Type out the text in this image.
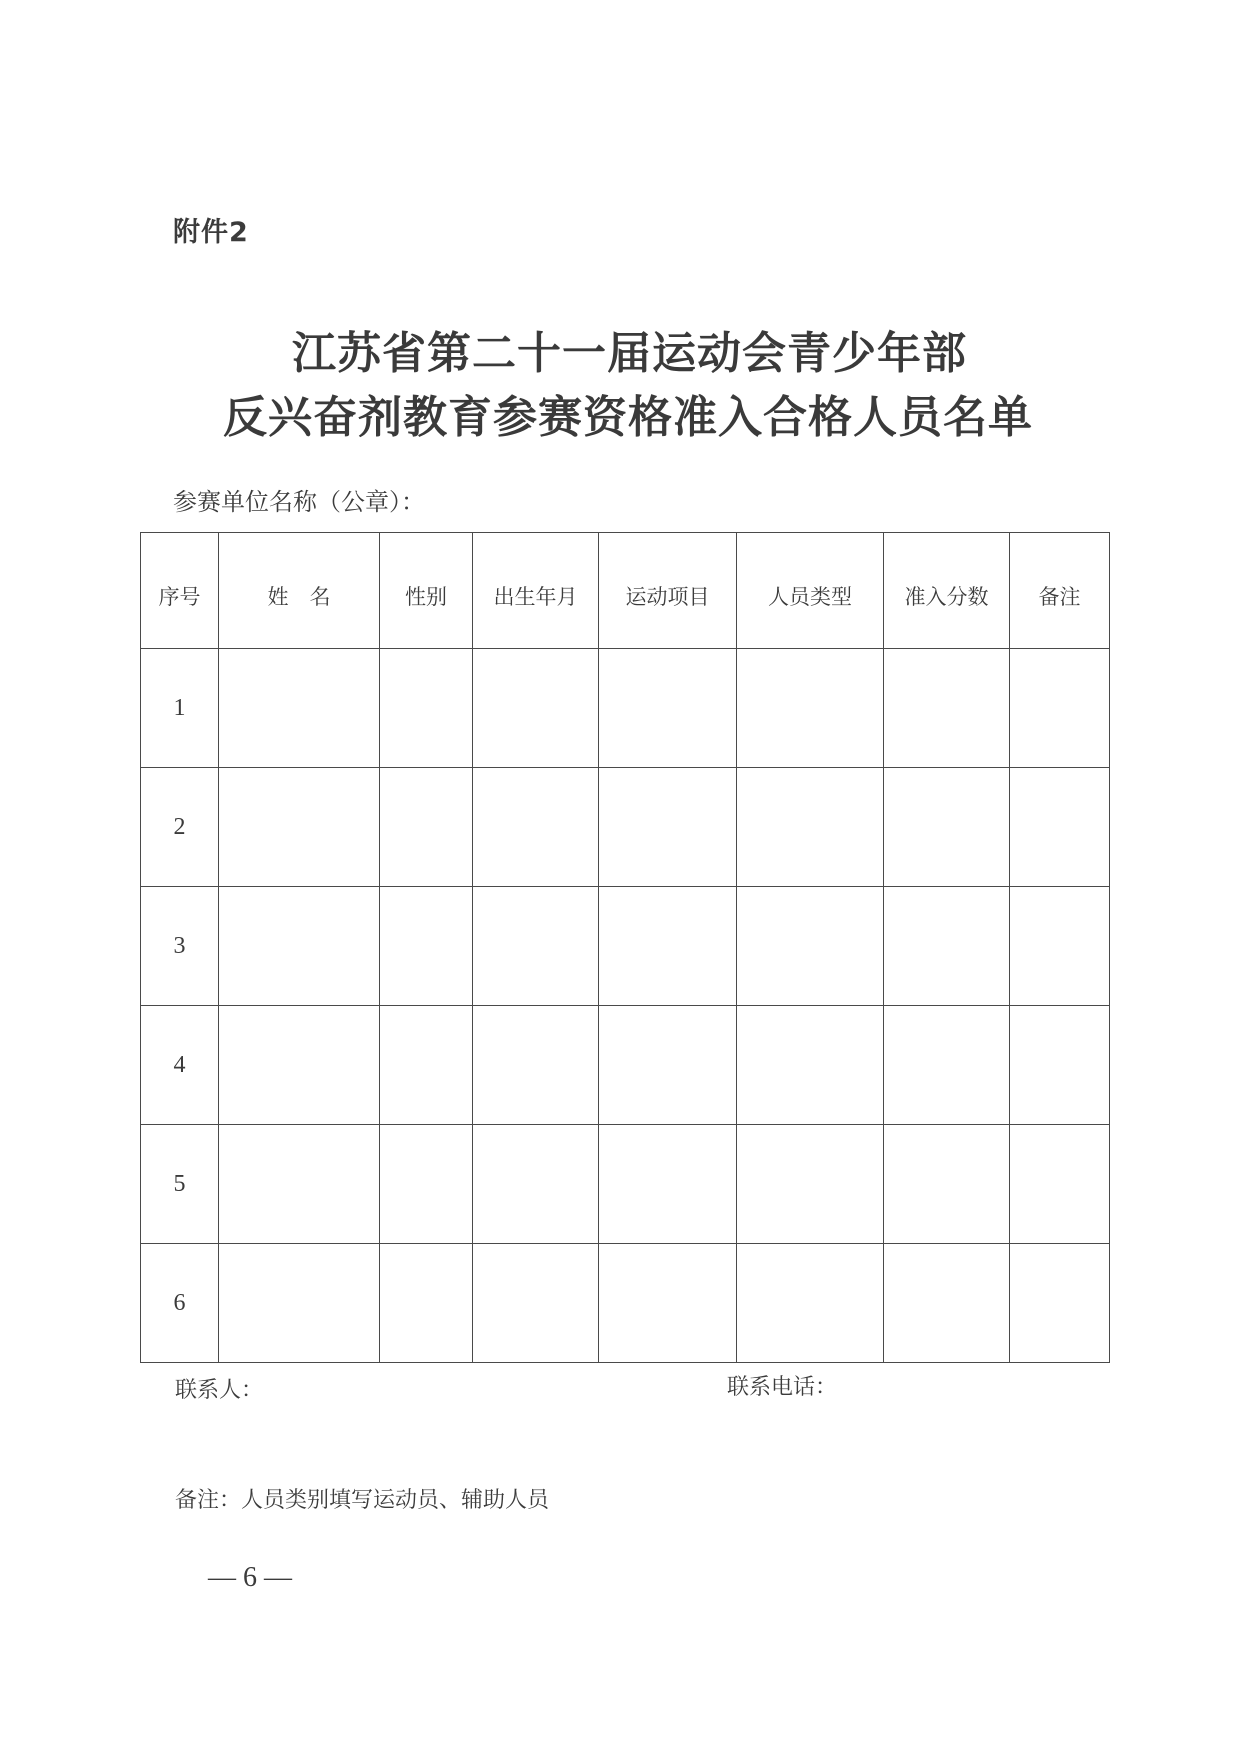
附件2
江苏省第二十一届运动会青少年部
反兴奋剂教育参赛资格准入合格人员名单
参赛单位名称（公章）：
序号	姓　名	性别	出生年月	运动项目	人员类型	准入分数	备注
1							
2							
3							
4							
5							
6							
联系人：	联系电话：
备注：人员类别填写运动员、辅助人员
— 6 —
